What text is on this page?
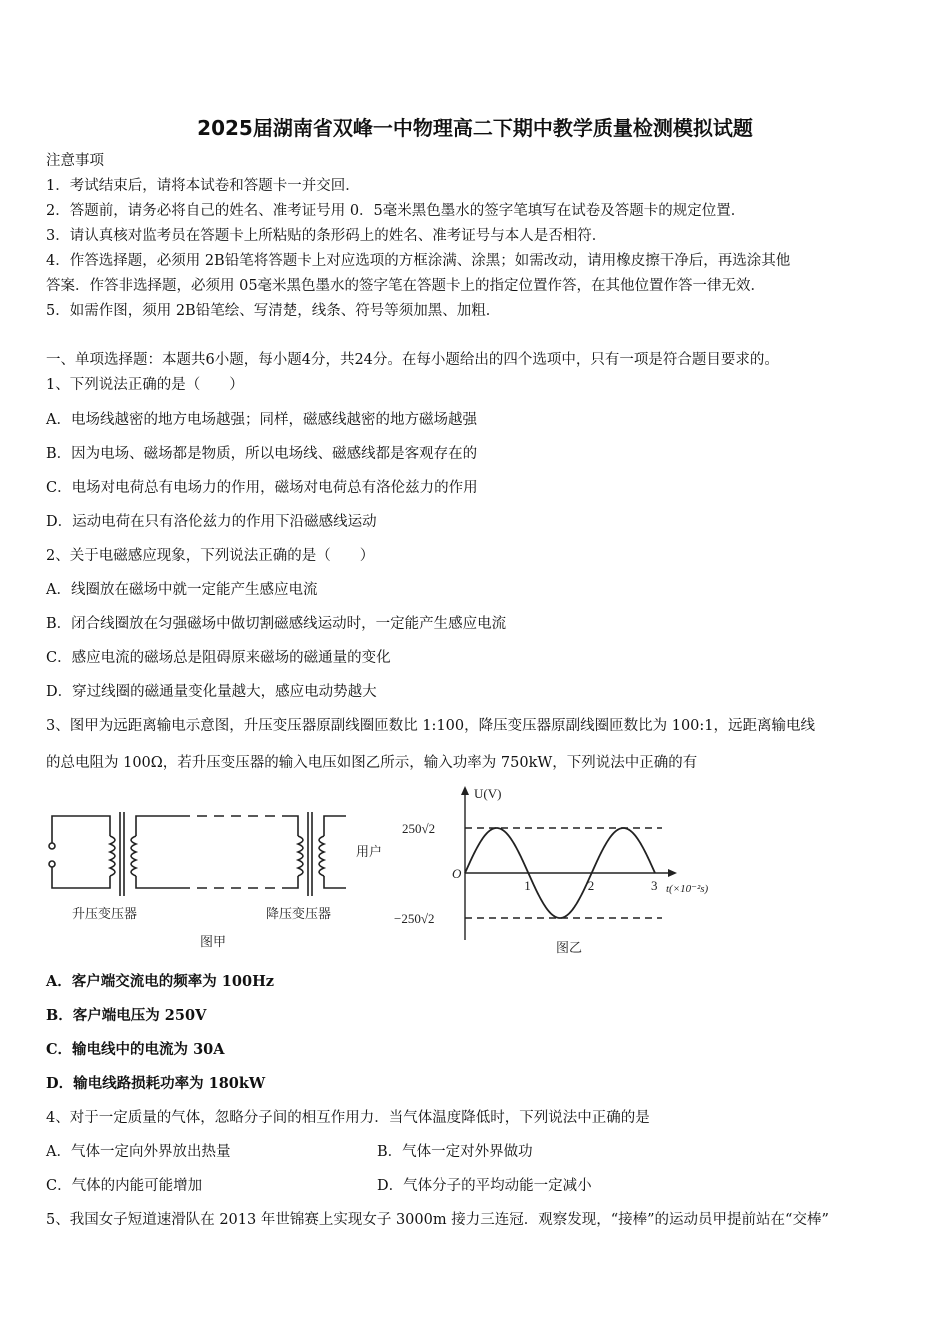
2025届湖南省双峰一中物理高二下期中教学质量检测模拟试题
注意事项
1．考试结束后，请将本试卷和答题卡一并交回．
2．答题前，请务必将自己的姓名、准考证号用 0．5毫米黑色墨水的签字笔填写在试卷及答题卡的规定位置．
3．请认真核对监考员在答题卡上所粘贴的条形码上的姓名、准考证号与本人是否相符．
4．作答选择题，必须用 2B铅笔将答题卡上对应选项的方框涂满、涂黑；如需改动，请用橡皮擦干净后，再选涂其他
答案．作答非选择题，必须用 05毫米黑色墨水的签字笔在答题卡上的指定位置作答，在其他位置作答一律无效．
5．如需作图，须用 2B铅笔绘、写清楚，线条、符号等须加黑、加粗．
一、单项选择题：本题共6小题，每小题4分，共24分。在每小题给出的四个选项中，只有一项是符合题目要求的。
1、下列说法正确的是（　　）
A．电场线越密的地方电场越强；同样，磁感线越密的地方磁场越强
B．因为电场、磁场都是物质，所以电场线、磁感线都是客观存在的
C．电场对电荷总有电场力的作用，磁场对电荷总有洛伦兹力的作用
D．运动电荷在只有洛伦兹力的作用下沿磁感线运动
2、关于电磁感应现象，下列说法正确的是（　　）
A．线圈放在磁场中就一定能产生感应电流
B．闭合线圈放在匀强磁场中做切割磁感线运动时，一定能产生感应电流
C．感应电流的磁场总是阻碍原来磁场的磁通量的变化
D．穿过线圈的磁通量变化量越大，感应电动势越大
3、图甲为远距离输电示意图，升压变压器原副线圈匝数比 1:100，降压变压器原副线圈匝数比为 100:1，远距离输电线
的总电阻为 100Ω，若升压变压器的输入电压如图乙所示，输入功率为 750kW，下列说法中正确的有
用户
升压变压器	降压变压器
图甲
U(V)
O
250√2
−250√2
1	2	3 t(×10⁻²s)
图乙
A．客户端交流电的频率为 100Hz
B．客户端电压为 250V
C．输电线中的电流为 30A
D．输电线路损耗功率为 180kW
4、对于一定质量的气体，忽略分子间的相互作用力．当气体温度降低时，下列说法中正确的是
A．气体一定向外界放出热量	B．气体一定对外界做功
C．气体的内能可能增加	D．气体分子的平均动能一定减小
5、我国女子短道速滑队在 2013 年世锦赛上实现女子 3000m 接力三连冠．观察发现，“接棒”的运动员甲提前站在“交棒”
